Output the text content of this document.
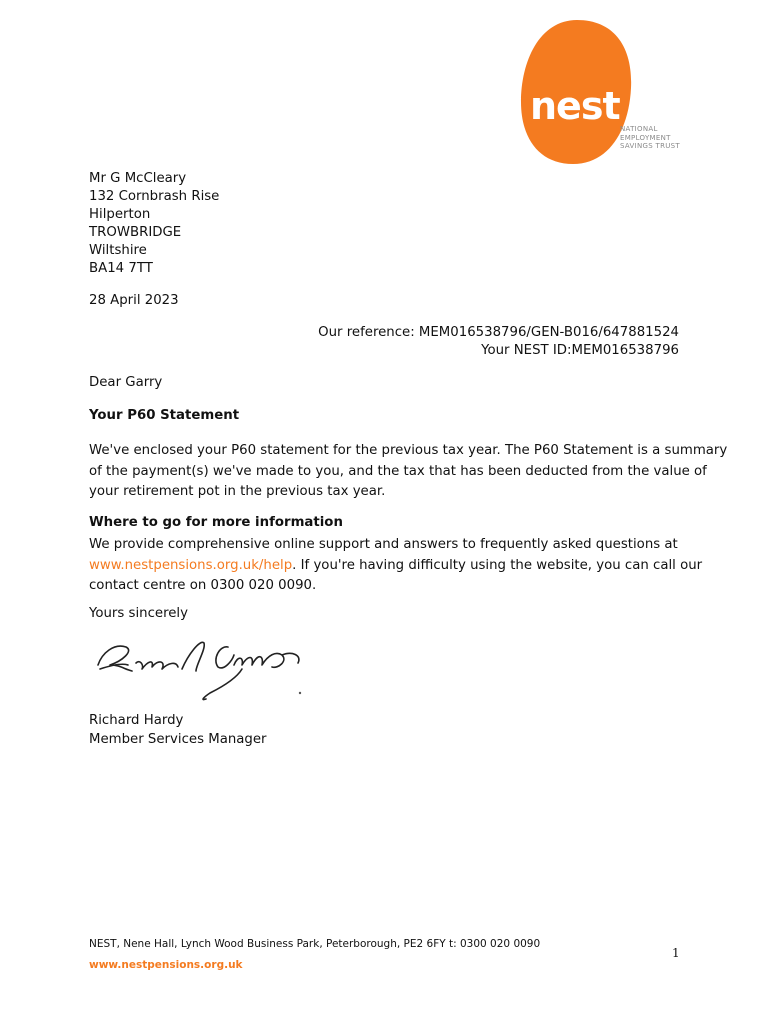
nest
NATIONAL
EMPLOYMENT
SAVINGS TRUST
Mr G McCleary
132 Cornbrash Rise
Hilperton
TROWBRIDGE
Wiltshire
BA14 7TT
28 April 2023
Our reference: MEM016538796/GEN-B016/647881524
Your NEST ID:MEM016538796
Dear Garry
Your P60 Statement
We've enclosed your P60 statement for the previous tax year. The P60 Statement is a summary
of the payment(s) we've made to you, and the tax that has been deducted from the value of
your retirement pot in the previous tax year.
Where to go for more information
We provide comprehensive online support and answers to frequently asked questions at
www.nestpensions.org.uk/help. If you're having difficulty using the website, you can call our
contact centre on 0300 020 0090.
Yours sincerely
Richard Hardy
Member Services Manager
NEST, Nene Hall, Lynch Wood Business Park, Peterborough, PE2 6FY t: 0300 020 0090
www.nestpensions.org.uk
1
